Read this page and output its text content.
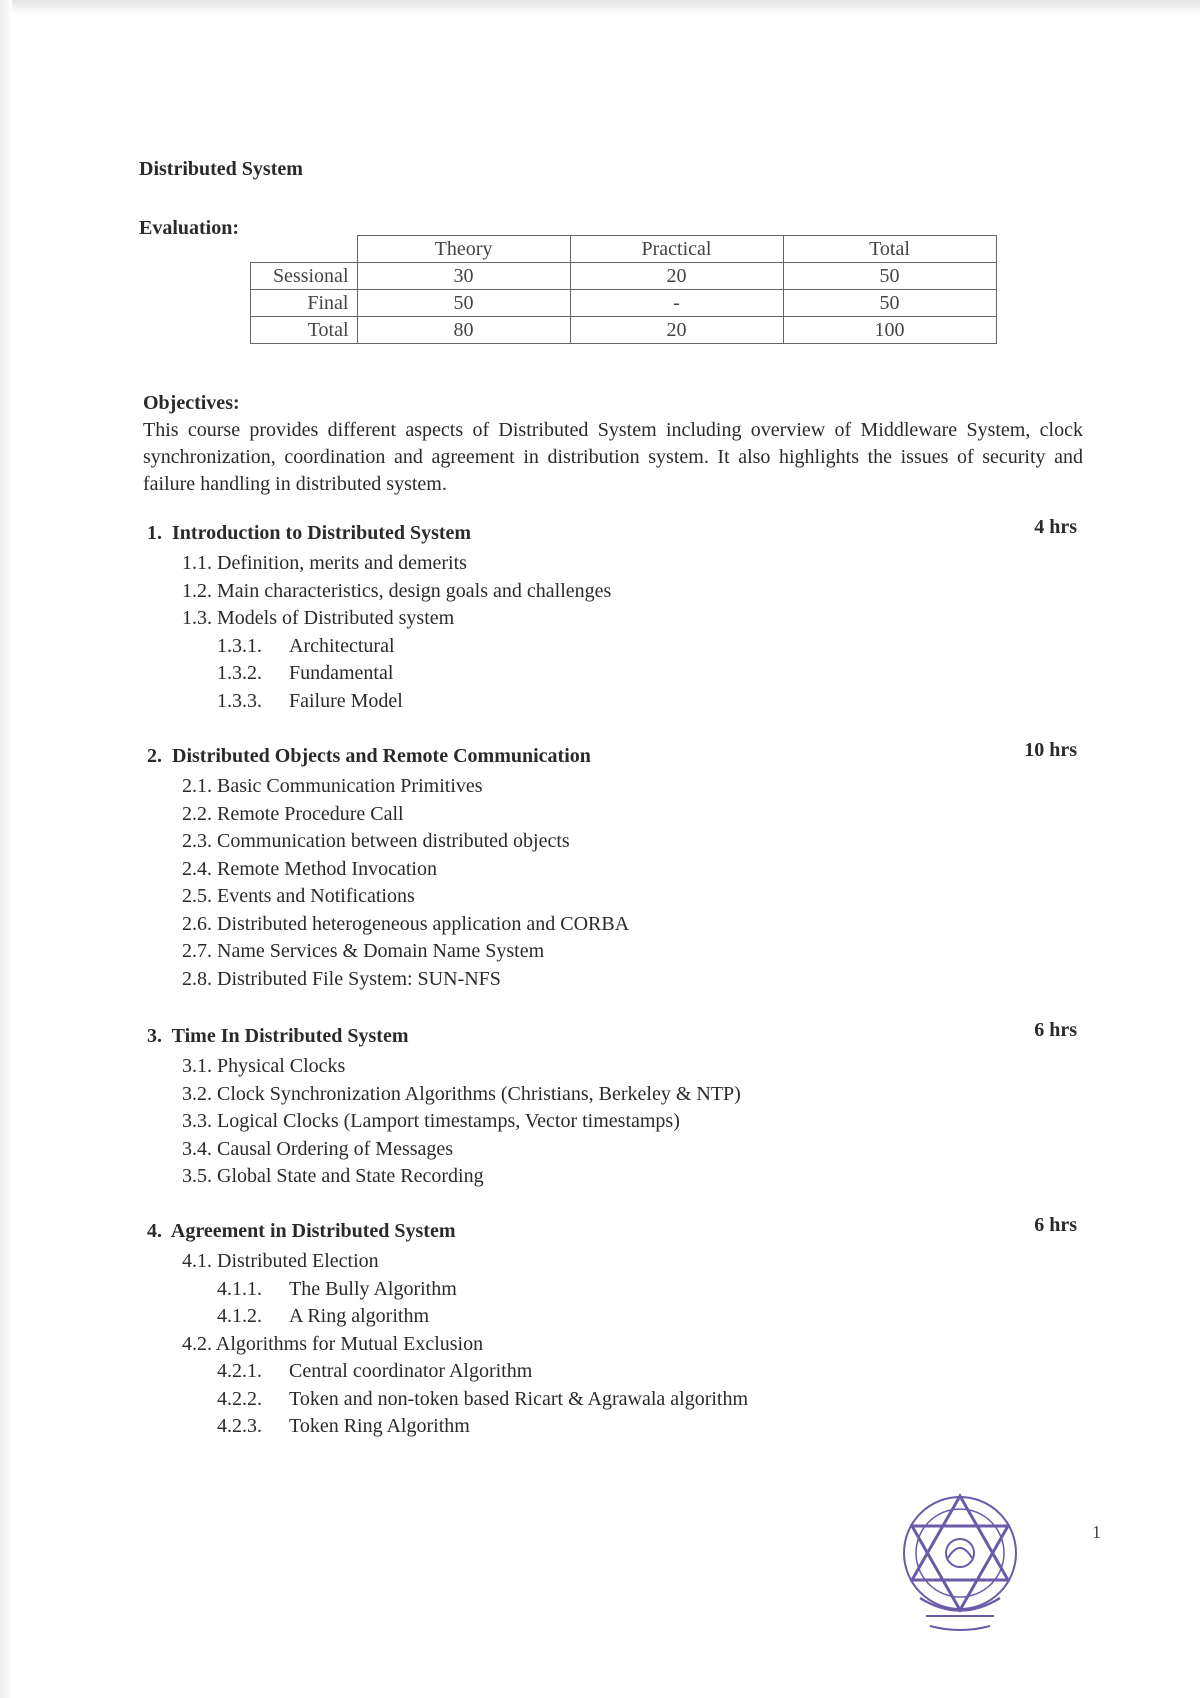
Distributed System
Evaluation:
	Theory	Practical	Total
Sessional	30	20	50
Final	50	-	50
Total	80	20	100
Objectives:

This course provides different aspects of Distributed System including overview of Middleware System, clock synchronization, coordination and agreement in distribution system. It also highlights the issues of security and failure handling in distributed system.

1. Introduction to Distributed System	4 hrs
1.1. Definition, merits and demerits
1.2. Main characteristics, design goals and challenges
1.3. Models of Distributed system
1.3.1. Architectural
1.3.2. Fundamental
1.3.3. Failure Model
2. Distributed Objects and Remote Communication	10 hrs
2.1. Basic Communication Primitives
2.2. Remote Procedure Call
2.3. Communication between distributed objects
2.4. Remote Method Invocation
2.5. Events and Notifications
2.6. Distributed heterogeneous application and CORBA
2.7. Name Services & Domain Name System
2.8. Distributed File System: SUN-NFS
3. Time In Distributed System	6 hrs
3.1. Physical Clocks
3.2. Clock Synchronization Algorithms (Christians, Berkeley & NTP)
3.3. Logical Clocks (Lamport timestamps, Vector timestamps)
3.4. Causal Ordering of Messages
3.5. Global State and State Recording
4. Agreement in Distributed System	6 hrs
4.1. Distributed Election
4.1.1. The Bully Algorithm
4.1.2. A Ring algorithm
4.2. Algorithms for Mutual Exclusion
4.2.1. Central coordinator Algorithm
4.2.2. Token and non-token based Ricart & Agrawala algorithm
4.2.3. Token Ring Algorithm
1
